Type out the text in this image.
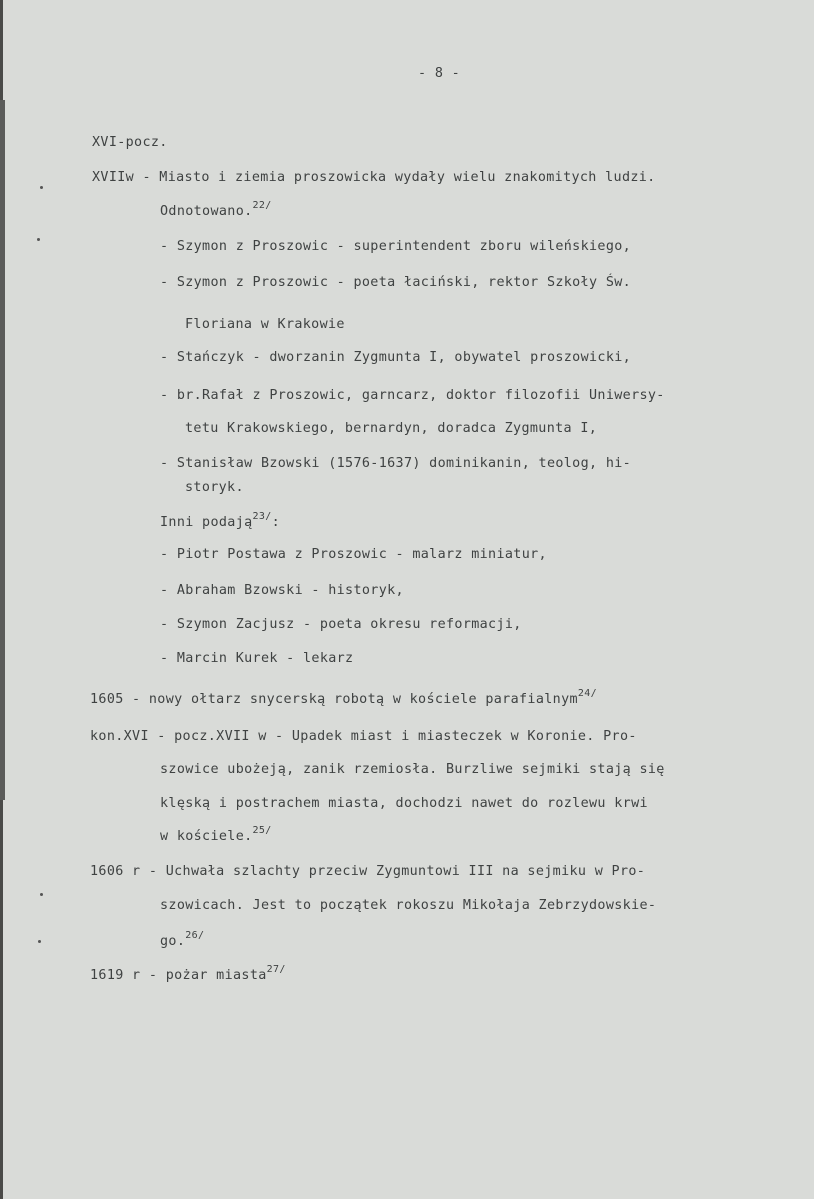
- 8 -
XVI-pocz.
XVIIw - Miasto i ziemia proszowicka wydały wielu znakomitych ludzi.
Odnotowano.$^{22/}$
- Szymon z Proszowic - superintendent zboru wileńskiego,
- Szymon z Proszowic - poeta łaciński, rektor Szkoły Św.
Floriana w Krakowie
- Stańczyk - dworzanin Zygmunta I, obywatel proszowicki,
- br.Rafał z Proszowic, garncarz, doktor filozofii Uniwersy-
tetu Krakowskiego, bernardyn, doradca Zygmunta I,
- Stanisław Bzowski (1576-1637) dominikanin, teolog, hi-
storyk.
Inni podają$^{23/}$:
- Piotr Postawa z Proszowic - malarz miniatur,
- Abraham Bzowski - historyk,
- Szymon Zacjusz - poeta okresu reformacji,
- Marcin Kurek - lekarz
1605 - nowy ołtarz snycerską robotą w kościele parafialnym$^{24/}$
kon.XVI - pocz.XVII w - Upadek miast i miasteczek w Koronie. Pro-
szowice ubożeją, zanik rzemiosła. Burzliwe sejmiki stają się
klęską i postrachem miasta, dochodzi nawet do rozlewu krwi
w kościele.$^{25/}$
1606 r - Uchwała szlachty przeciw Zygmuntowi III na sejmiku w Pro-
szowicach. Jest to początek rokoszu Mikołaja Zebrzydowskie-
go.$^{26/}$
1619 r - pożar miasta$^{27/}$
